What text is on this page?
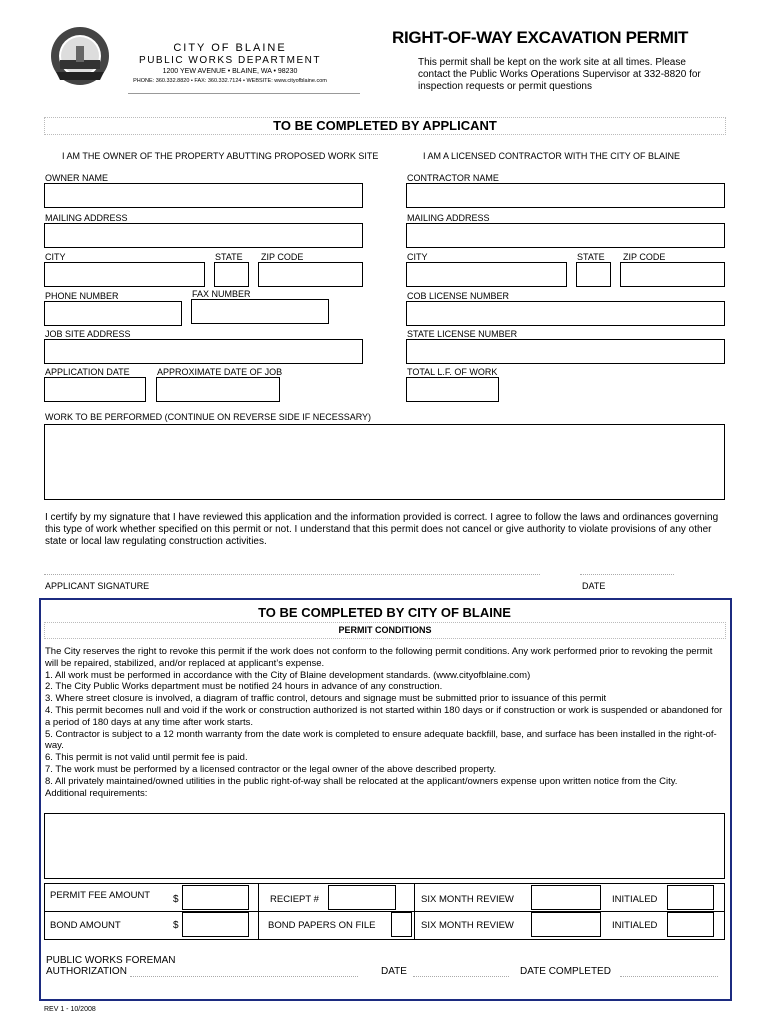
CITY OF BLAINE
PUBLIC WORKS DEPARTMENT
1200 YEW AVENUE • BLAINE, WA • 98230
PHONE: 360.332.8820 • FAX: 360.332.7124 • WEBSITE: www.cityofblaine.com
RIGHT-OF-WAY EXCAVATION PERMIT
This permit shall be kept on the work site at all times. Please contact the Public Works Operations Supervisor at 332-8820 for inspection requests or permit questions
TO BE COMPLETED BY APPLICANT
I AM THE OWNER OF THE PROPERTY ABUTTING PROPOSED WORK SITE	I AM A LICENSED CONTRACTOR WITH THE CITY OF BLAINE
OWNER NAME
MAILING ADDRESS
CITY	STATE ZIP CODE
PHONE NUMBER	FAX NUMBER
JOB SITE ADDRESS
APPLICATION DATE	APPROXIMATE DATE OF JOB
CONTRACTOR NAME
MAILING ADDRESS
CITY	STATE ZIP CODE
COB LICENSE NUMBER
STATE LICENSE NUMBER
TOTAL L.F. OF WORK
WORK TO BE PERFORMED (CONTINUE ON REVERSE SIDE IF NECESSARY)
I certify by my signature that I have reviewed this application and the information provided is correct. I agree to follow the laws and ordinances governing this type of work whether specified on this permit or not. I understand that this permit does not cancel or give authority to violate provisions of any other state or local law regulating construction activities.
APPLICANT SIGNATURE	DATE
TO BE COMPLETED BY CITY OF BLAINE
PERMIT CONDITIONS
The City reserves the right to revoke this permit if the work does not conform to the following permit conditions. Any work performed prior to revoking the permit will be repaired, stabilized, and/or replaced at applicant’s expense.
1. All work must be performed in accordance with the City of Blaine development standards. (www.cityofblaine.com)
2. The City Public Works department must be notified 24 hours in advance of any construction.
3. Where street closure is involved, a diagram of traffic control, detours and signage must be submitted prior to issuance of this permit
4. This permit becomes null and void if the work or construction authorized is not started within 180 days or if construction or work is suspended or abandoned for a period of 180 days at any time after work starts.
5. Contractor is subject to a 12 month warranty from the date work is completed to ensure adequate backfill, base, and surface has been installed in the right-of-way.
6. This permit is not valid until permit fee is paid.
7. The work must be performed by a licensed contractor or the legal owner of the above described property.
8. All privately maintained/owned utilities in the public right-of-way shall be relocated at the applicant/owners expense upon written notice from the City.
Additional requirements:
PERMIT FEE AMOUNT $	RECIEPT #	SIX MONTH REVIEW	INITIALED
BOND AMOUNT	$	BOND PAPERS ON FILE	SIX MONTH REVIEW	INITIALED
PUBLIC WORKS FOREMAN
AUTHORIZATION	DATE	DATE COMPLETED
REV 1 - 10/2008
